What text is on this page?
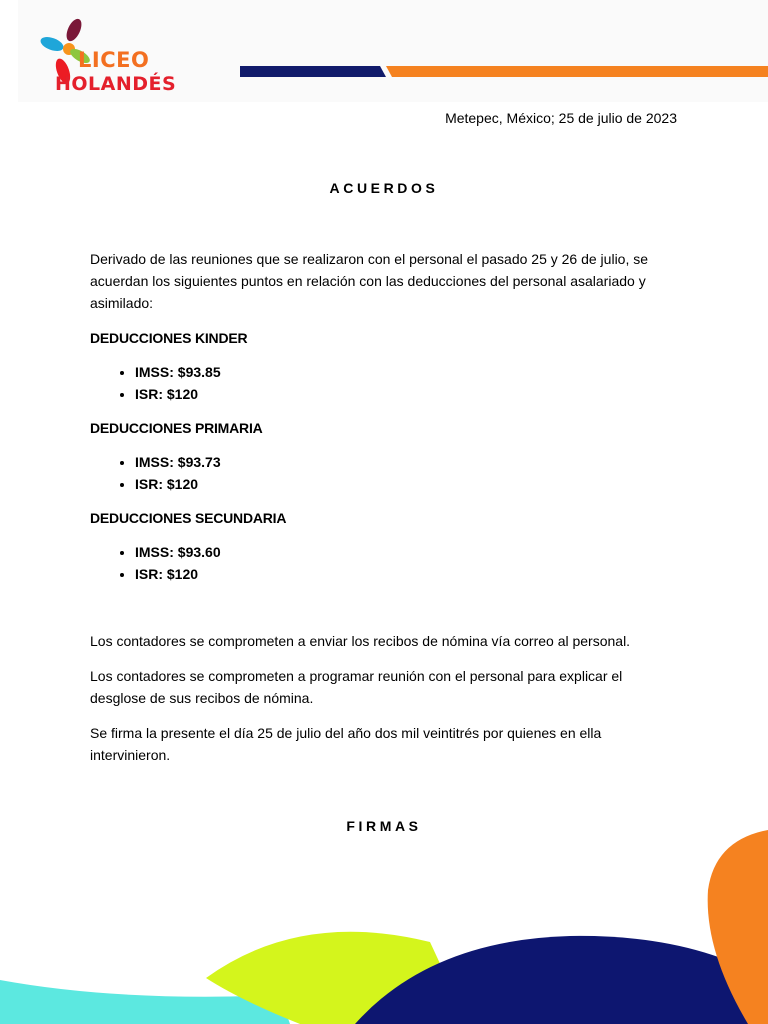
LICEO
HOLANDÉS
Metepec, México; 25 de julio de 2023
ACUERDOS

Derivado de las reuniones que se realizaron con el personal el pasado 25 y 26 de julio, se acuerdan los siguientes puntos en relación con las deducciones del personal asalariado y asimilado:

DEDUCCIONES KINDER
• IMSS: $93.85
• ISR: $120
DEDUCCIONES PRIMARIA
• IMSS: $93.73
• ISR: $120
DEDUCCIONES SECUNDARIA
• IMSS: $93.60
• ISR: $120

Los contadores se comprometen a enviar los recibos de nómina vía correo al personal.

Los contadores se comprometen a programar reunión con el personal para explicar el desglose de sus recibos de nómina.

Se firma la presente el día 25 de julio del año dos mil veintitrés por quienes en ella intervinieron.

FIRMAS
